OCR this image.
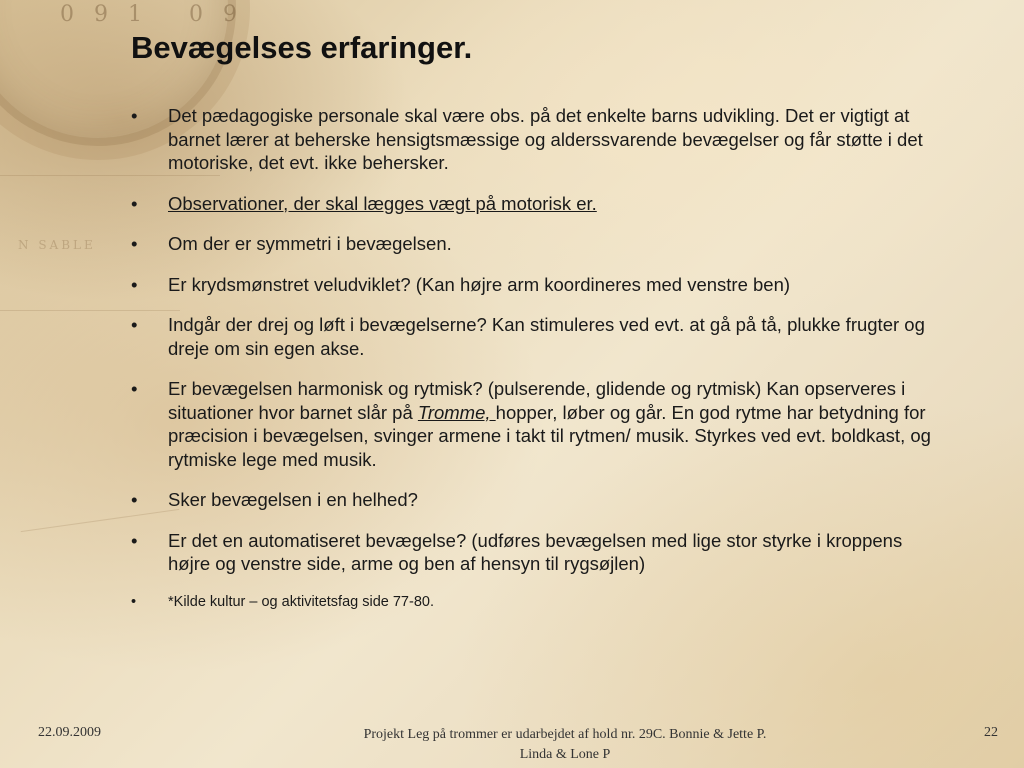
091 09
N SABLE
Bevægelses erfaringer.
• Det pædagogiske personale skal være obs. på det enkelte barns udvikling. Det er vigtigt at barnet lærer at beherske hensigtsmæssige og alderssvarende bevægelser og får støtte i det motoriske, det evt. ikke behersker.
• Observationer, der skal lægges vægt på motorisk er.
• Om der er symmetri i bevægelsen.
• Er krydsmønstret veludviklet? (Kan højre arm koordineres med venstre ben)
• Indgår der drej og løft i bevægelserne? Kan stimuleres ved evt. at gå på tå, plukke frugter og dreje om sin egen akse.
• Er bevægelsen harmonisk og rytmisk? (pulserende, glidende og rytmisk) Kan opserveres i situationer hvor barnet slår på Tromme, hopper, løber og går. En god rytme har betydning for præcision i bevægelsen, svinger armene i takt til rytmen/ musik. Styrkes ved evt. boldkast, og rytmiske lege med musik.
• Sker bevægelsen i en helhed?
• Er det en automatiseret bevægelse? (udføres bevægelsen med lige stor styrke i kroppens højre og venstre side, arme og ben af hensyn til rygsøjlen)
• *Kilde kultur – og aktivitetsfag side 77-80.
22.09.2009	Projekt Leg på trommer er udarbejdet af hold nr. 29C. Bonnie & Jette P.
Linda & Lone P
22
